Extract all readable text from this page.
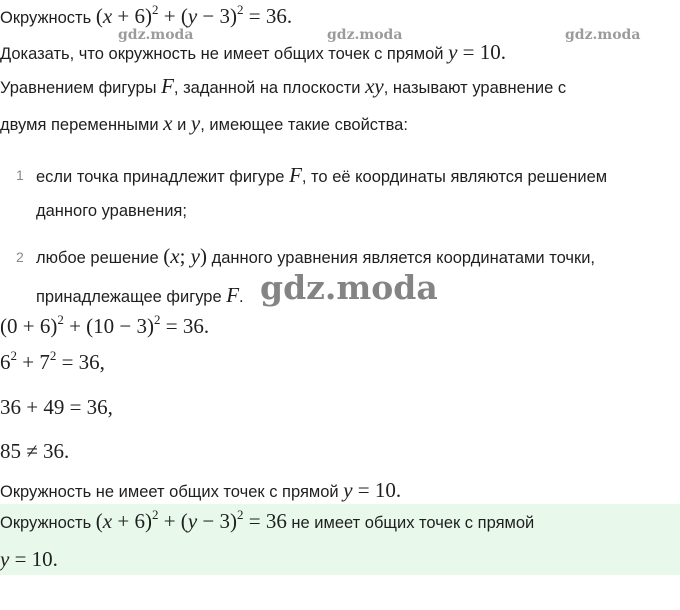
Окружность $(x + 6)^2 + (y - 3)^2 = 36$.
Доказать, что окружность не имеет общих точек с прямой y = 10.
gdz.moda	gdz.moda	gdz.moda
Уравнением фигуры F, заданной на плоскости xy, называют уравнение с
двумя переменными x и y, имеющее такие свойства:
1 если точка принадлежит фигуре F, то её координаты являются решением
данного уравнения;
2 любое решение (x; y) данного уравнения является координатами точки,
принадлежащее фигуре F. gdz.moda
$(0 + 6)^2 + (10 - 3)^2 = 36$.
$6^2 + 7^2 = 36$,
36 + 49 = 36,
85 ≠ 36.
Окружность не имеет общих точек с прямой y = 10.
Окружность $(x + 6)^2 + (y - 3)^2 = 36$ не имеет общих точек с прямой
y = 10.
